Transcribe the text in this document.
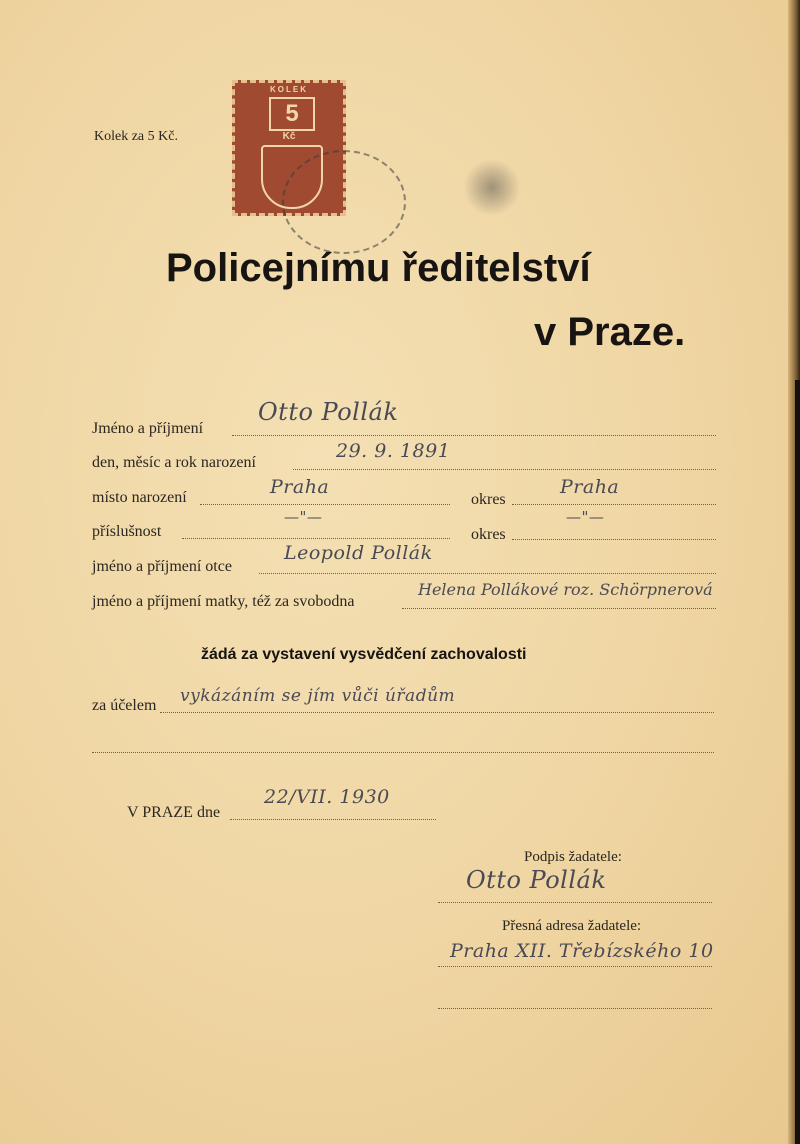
Kolek za 5 Kč.
KOLEK
5
Kč
Policejnímu ředitelství
v Praze.
Jméno a příjmení
Otto Pollák
den, měsíc a rok narození
29. 9. 1891
místo narození	Praha
okres
Praha
příslušnost
—"—
okres
—"—
jméno a příjmení otce
Leopold Pollák
jméno a příjmení matky, též za svobodna
Helena Pollákové roz. Schörpnerová
žádá za vystavení vysvědčení zachovalosti
za účelem vykázáním se jím vůči úřadům
V PRAZE dne
22/VII. 1930
Podpis žadatele:
Otto Pollák
Přesná adresa žadatele:
Praha XII. Třebízského 10
